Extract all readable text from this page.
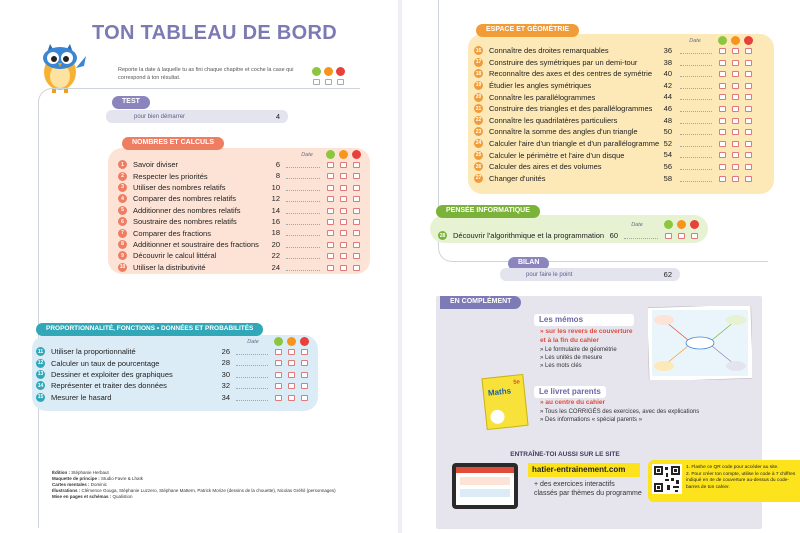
TON TABLEAU DE BORD
Reporte la date à laquelle tu as fini chaque chapitre et coche la case qui correspond à ton résultat.
TEST
pour bien démarrer	4
NOMBRES ET CALCULS
Date
1	Savoir diviser	6
2	Respecter les priorités	8
3	Utiliser des nombres relatifs	10
4	Comparer des nombres relatifs	12
5	Additionner des nombres relatifs	14
6	Soustraire des nombres relatifs	16
7	Comparer des fractions	18
8	Additionner et soustraire des fractions	20
9	Découvrir le calcul littéral	22
10 Utiliser la distributivité	24
PROPORTIONNALITÉ, FONCTIONS • DONNÉES ET PROBABILITÉS
Date
11 Utiliser la proportionnalité	26
12 Calculer un taux de pourcentage	28
13 Dessiner et exploiter des graphiques	30
14 Représenter et traiter des données	32
15 Mesurer le hasard	34
Édition : Stéphanie Herbaut
Maquette de principe : Studio Favre & Lhaïk
Cartes mentales : Dominic
Illustrations : Clémence Gouga, Stéphanie Luzzero, Stéphane Mattern, Patrick Morize (dessins de la chouette), Nicolas Gréhil (personnages)
Mise en pages et schémas : Qualistion
ESPACE ET GÉOMÉTRIE
Date
16 Connaître des droites remarquables	36
17 Construire des symétriques par un demi-tour	38
18 Reconnaître des axes et des centres de symétrie	40
19 Étudier les angles symétriques	42
20 Connaître les parallélogrammes	44
21 Construire des triangles et des parallélogrammes	46
22 Connaître les quadrilatères particuliers	48
23 Connaître la somme des angles d'un triangle	50
24 Calculer l'aire d'un triangle et d'un parallélogramme 52
25 Calculer le périmètre et l'aire d'un disque	54
26 Calculer des aires et des volumes	56
27 Changer d'unités	58
PENSÉE INFORMATIQUE
Date
28 Découvrir l'algorithmique et la programmation 60
BILAN
pour faire le point	62
EN COMPLÉMENT
Les mémos
» sur les revers de couverture
et à la fin du cahier
» Le formulaire de géométrie
» Les unités de mesure
» Les mots clés
Le livret parents
» au centre du cahier
» Tous les CORRIGÉS des exercices, avec des explications
» Des informations « spécial parents »
Maths
5e
ENTRAÎNE-TOI AUSSI SUR LE SITE
hatier-entrainement.com
+ des exercices interactifs
classés par thèmes du programme
1. Flashe ce QR code pour accéder au site.
2. Pour créer ton compte, utilise le code à 7 chiffres indiqué en 4e de couverture au-dessus du code-barres de ton cahier.
